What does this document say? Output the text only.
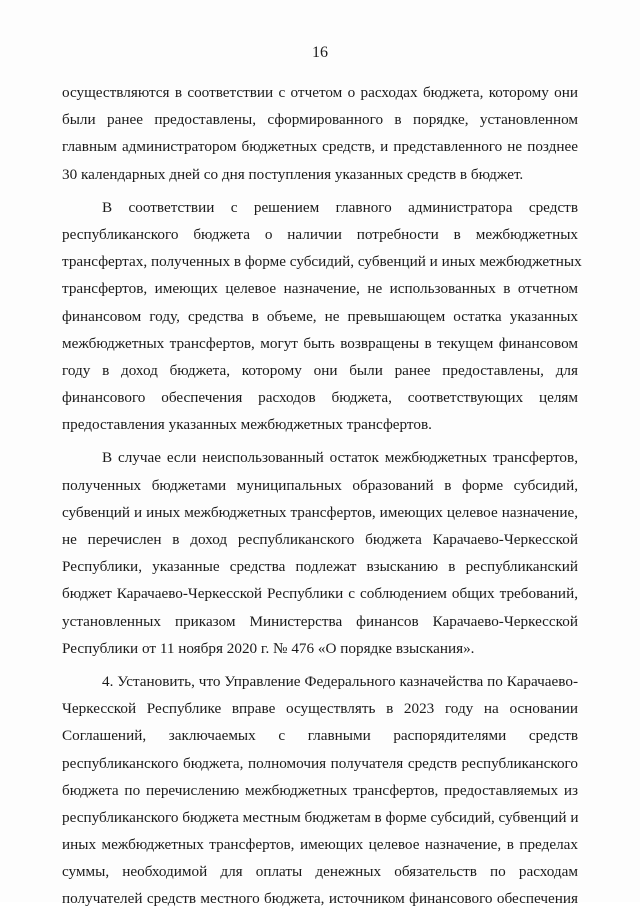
16
осуществляются в соответствии с отчетом о расходах бюджета, которому они
были ранее предоставлены, сформированного в порядке, установленном
главным администратором бюджетных средств, и представленного не позднее
30 календарных дней со дня поступления указанных средств в бюджет.
В соответствии с решением главного администратора средств
республиканского бюджета о наличии потребности в межбюджетных
трансфертах, полученных в форме субсидий, субвенций и иных межбюджетных
трансфертов, имеющих целевое назначение, не использованных в отчетном
финансовом году, средства в объеме, не превышающем остатка указанных
межбюджетных трансфертов, могут быть возвращены в текущем финансовом
году в доход бюджета, которому они были ранее предоставлены, для
финансового обеспечения расходов бюджета, соответствующих целям
предоставления указанных межбюджетных трансфертов.
В случае если неиспользованный остаток межбюджетных трансфертов,
полученных бюджетами муниципальных образований в форме субсидий,
субвенций и иных межбюджетных трансфертов, имеющих целевое назначение,
не перечислен в доход республиканского бюджета Карачаево-Черкесской
Республики, указанные средства подлежат взысканию в республиканский
бюджет Карачаево-Черкесской Республики с соблюдением общих требований,
установленных приказом Министерства финансов Карачаево-Черкесской
Республики от 11 ноября 2020 г. № 476 «О порядке взыскания».
4. Установить, что Управление Федерального казначейства по Карачаево-
Черкесской Республике вправе осуществлять в 2023 году на основании
Соглашений, заключаемых с главными распорядителями средств
республиканского бюджета, полномочия получателя средств республиканского
бюджета по перечислению межбюджетных трансфертов, предоставляемых из
республиканского бюджета местным бюджетам в форме субсидий, субвенций и
иных межбюджетных трансфертов, имеющих целевое назначение, в пределах
суммы, необходимой для оплаты денежных обязательств по расходам
получателей средств местного бюджета, источником финансового обеспечения
